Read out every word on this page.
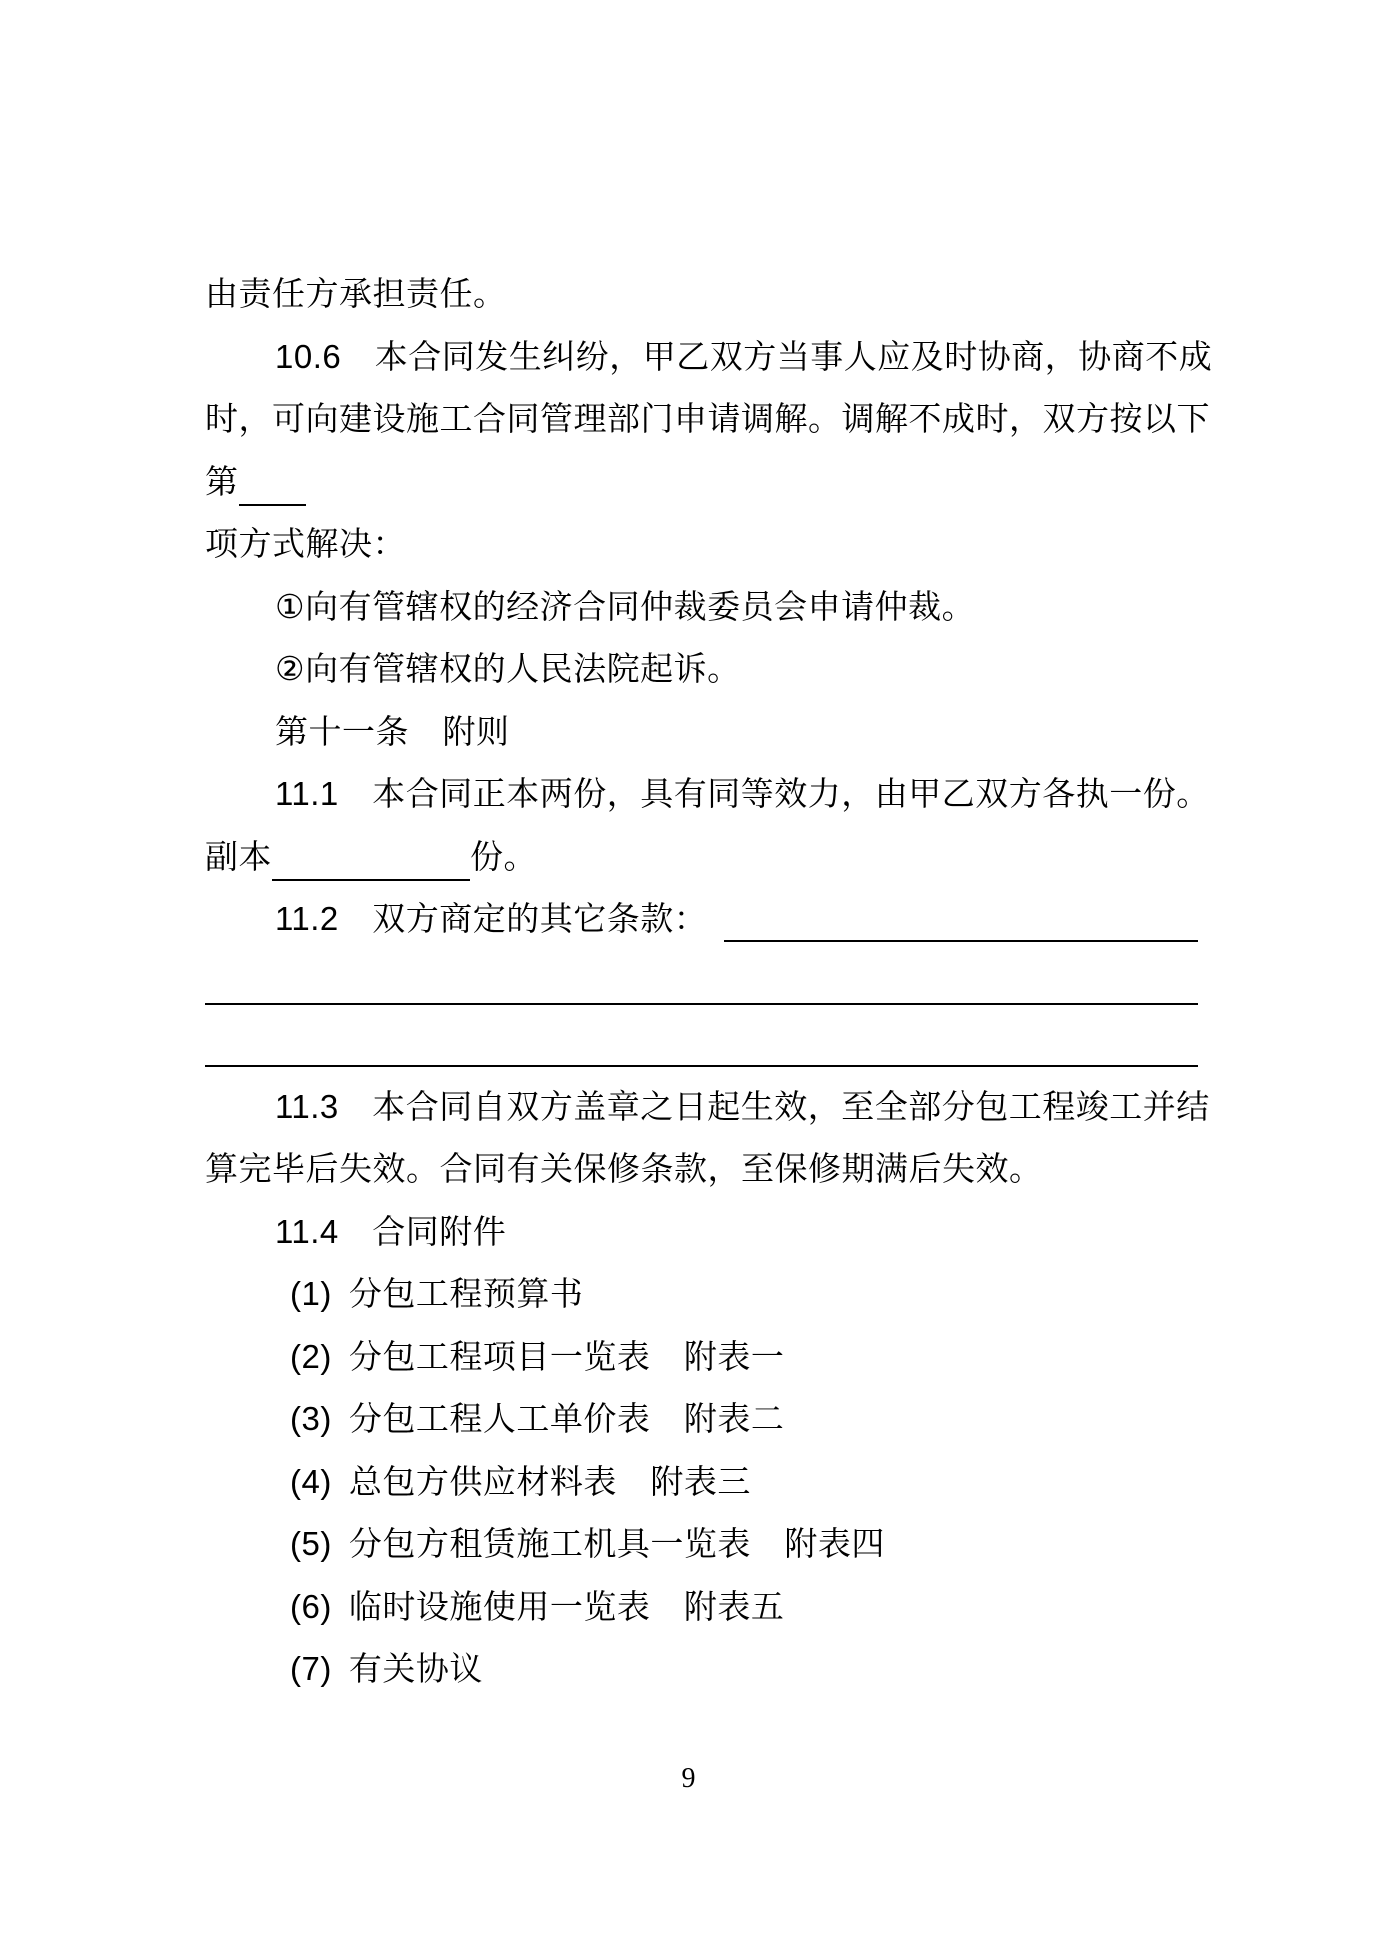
由责任方承担责任。
10.6　本合同发生纠纷，甲乙双方当事人应及时协商，协商不成
时，可向建设施工合同管理部门申请调解。调解不成时，双方按以下
第
项方式解决：
①向有管辖权的经济合同仲裁委员会申请仲裁。
②向有管辖权的人民法院起诉。
第十一条　附则
11.1　本合同正本两份，具有同等效力，由甲乙双方各执一份。
副本	份。
11.2　双方商定的其它条款：
11.3　本合同自双方盖章之日起生效，至全部分包工程竣工并结
算完毕后失效。合同有关保修条款，至保修期满后失效。
11.4　合同附件
(1) 分包工程预算书
(2) 分包工程项目一览表　附表一
(3) 分包工程人工单价表　附表二
(4) 总包方供应材料表　附表三
(5) 分包方租赁施工机具一览表　附表四
(6) 临时设施使用一览表　附表五
(7) 有关协议
9
